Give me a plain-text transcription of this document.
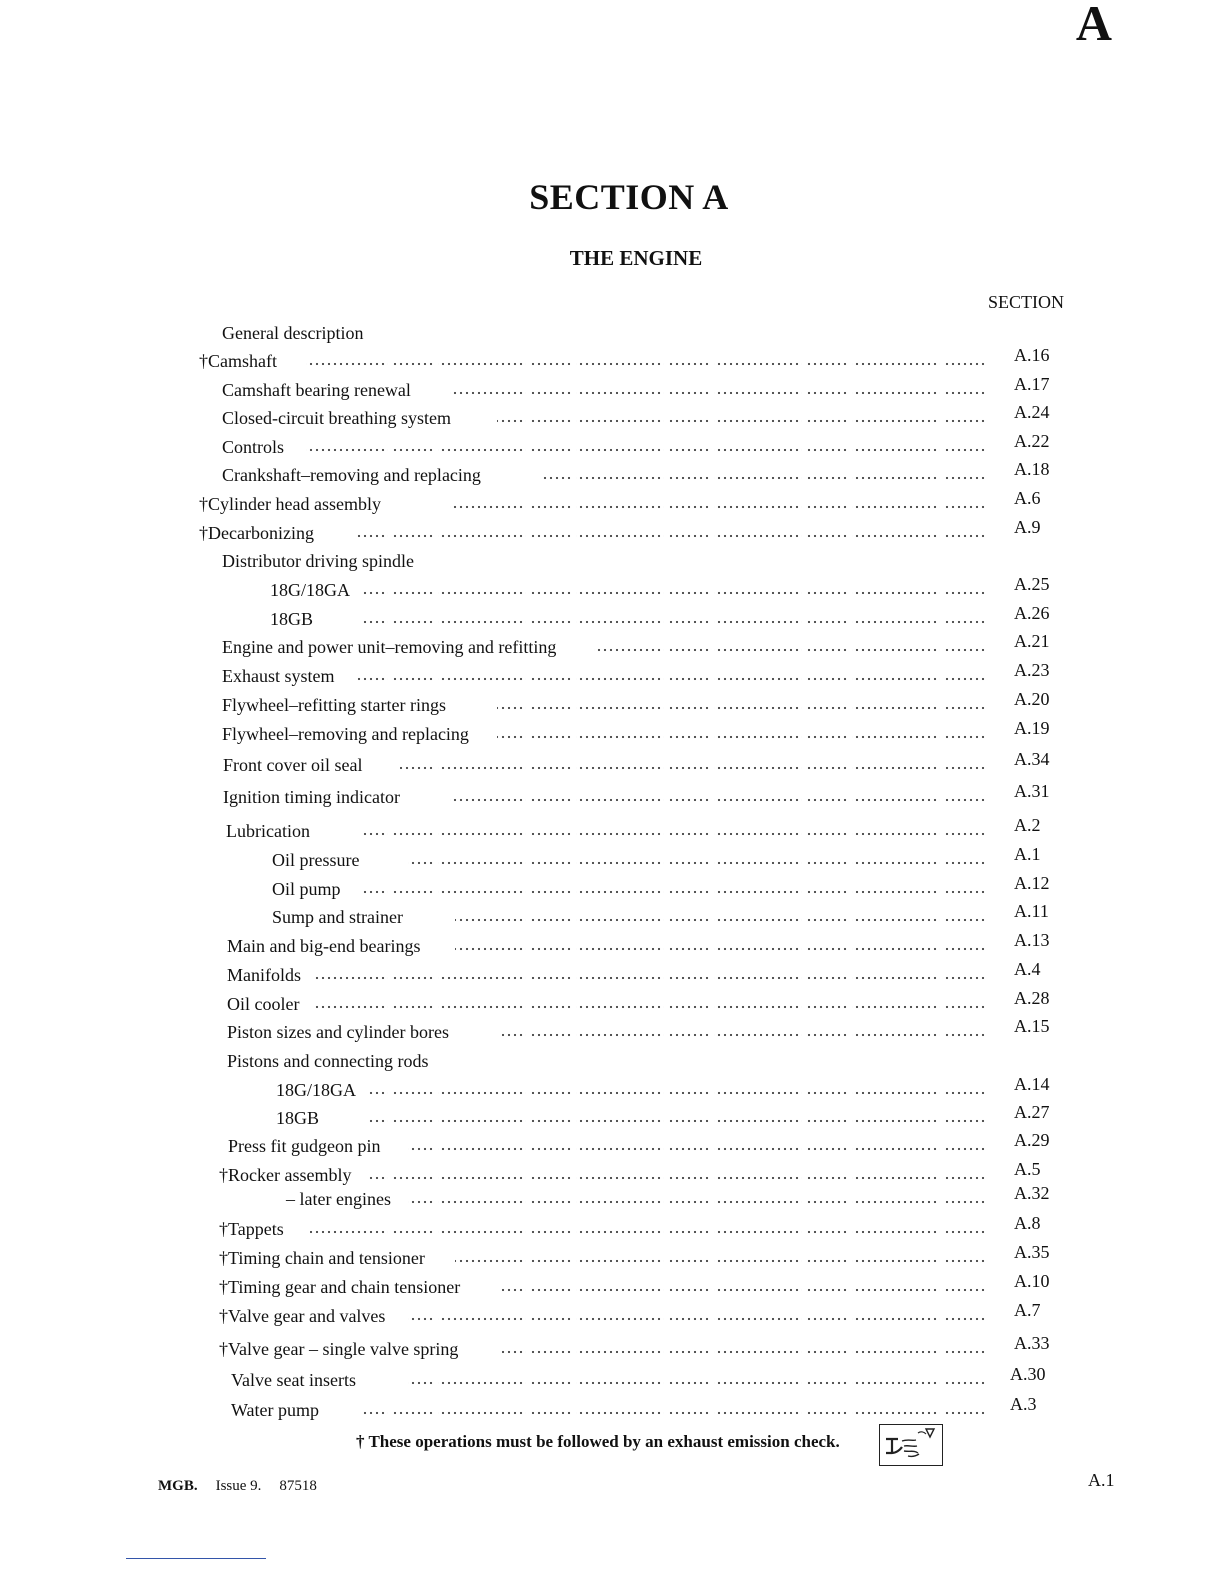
A
SECTION A
THE ENGINE
SECTION
General description
†Camshaft	A.16
Camshaft bearing renewal	A.17
Closed-circuit breathing system	A.24
Controls	A.22
Crankshaft–removing and replacing	A.18
†Cylinder head assembly	A.6
†Decarbonizing	A.9
Distributor driving spindle
18G/18GA	A.25
18GB	A.26
Engine and power unit–removing and refitting	A.21
Exhaust system	A.23
Flywheel–refitting starter rings	A.20
Flywheel–removing and replacing	A.19
Front cover oil seal	A.34
Ignition timing indicator	A.31
Lubrication	A.2
Oil pressure	A.1
Oil pump	A.12
Sump and strainer	A.11
Main and big-end bearings	A.13
Manifolds	A.4
Oil cooler	A.28
Piston sizes and cylinder bores	A.15
Pistons and connecting rods
18G/18GA	A.14
18GB	A.27
Press fit gudgeon pin	A.29
†Rocker assembly	A.5
– later engines	A.32
†Tappets	A.8
†Timing chain and tensioner	A.35
†Timing gear and chain tensioner	A.10
†Valve gear and valves	A.7
†Valve gear – single valve spring	A.33
Valve seat inserts	A.30
Water pump	A.3
† These operations must be followed by an exhaust emission check.
MGB. Issue 9. 87518	A.1
